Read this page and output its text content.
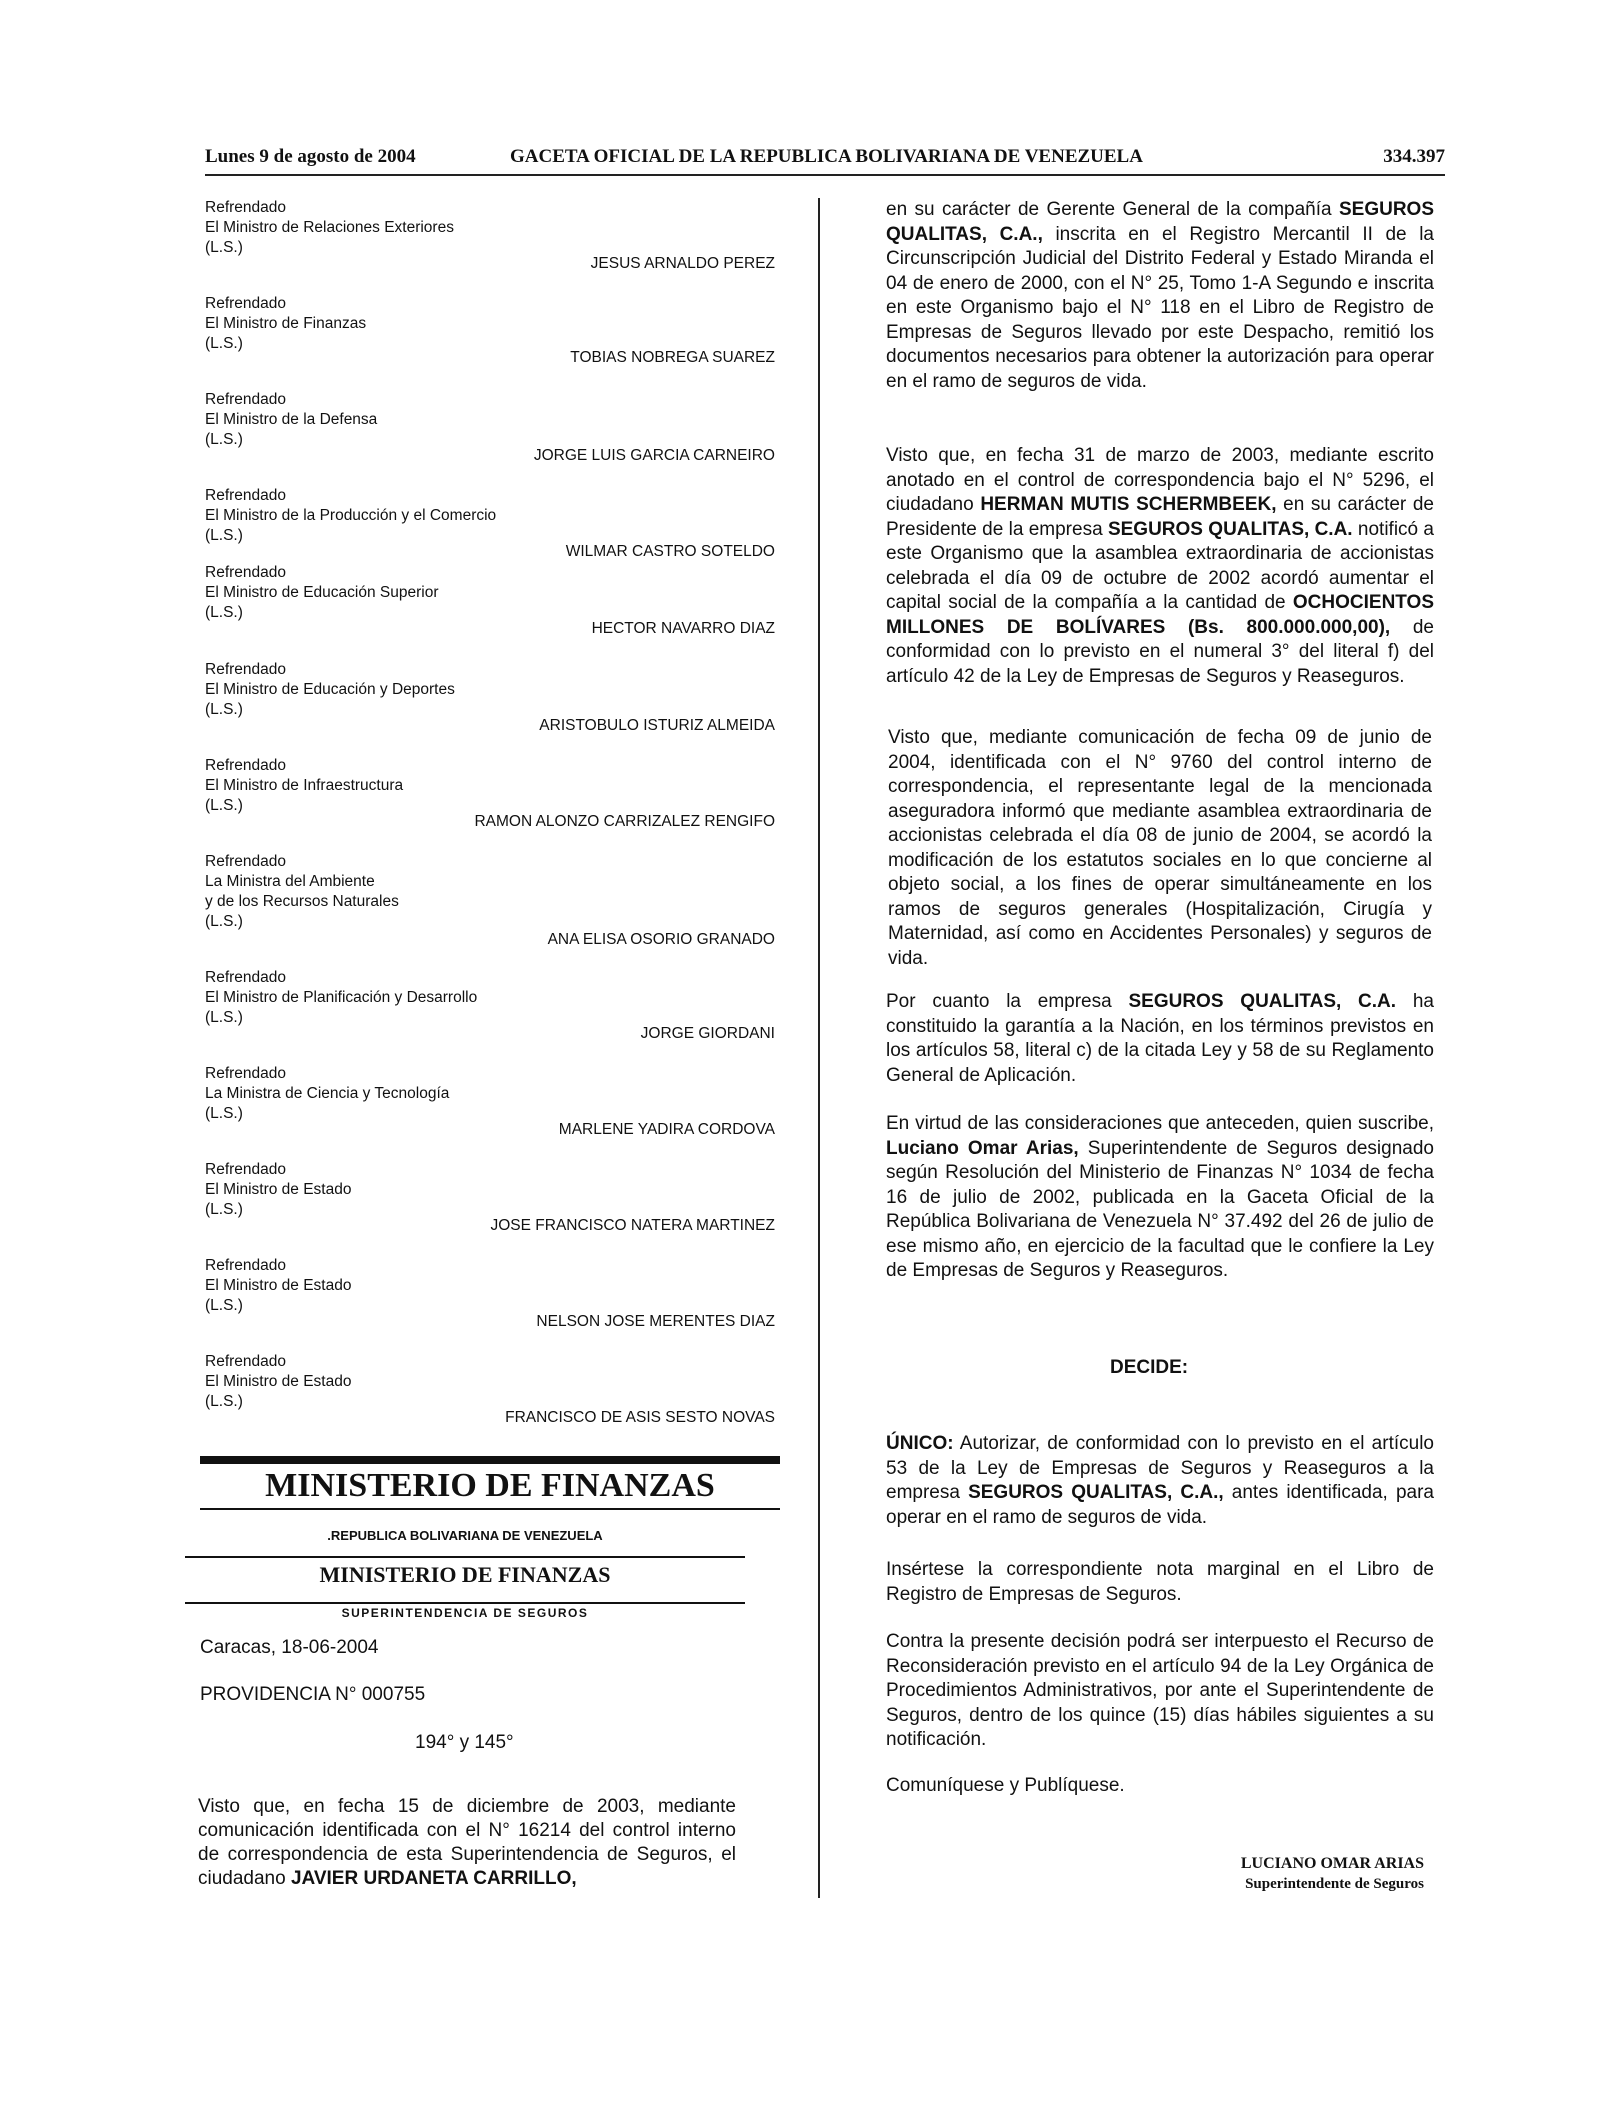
Lunes 9 de agosto de 2004	GACETA OFICIAL DE LA REPUBLICA BOLIVARIANA DE VENEZUELA	334.397
Refrendado
El Ministro de Relaciones Exteriores
(L.S.)
JESUS ARNALDO PEREZ
Refrendado
El Ministro de Finanzas
(L.S.)
TOBIAS NOBREGA SUAREZ
Refrendado
El Ministro de la Defensa
(L.S.)
JORGE LUIS GARCIA CARNEIRO
Refrendado
El Ministro de la Producción y el Comercio
(L.S.)
WILMAR CASTRO SOTELDO
Refrendado
El Ministro de Educación Superior
(L.S.)
HECTOR NAVARRO DIAZ
Refrendado
El Ministro de Educación y Deportes
(L.S.)
ARISTOBULO ISTURIZ ALMEIDA
Refrendado
El Ministro de Infraestructura
(L.S.)
RAMON ALONZO CARRIZALEZ RENGIFO
Refrendado
La Ministra del Ambiente
y de los Recursos Naturales
(L.S.)
ANA ELISA OSORIO GRANADO
Refrendado
El Ministro de Planificación y Desarrollo
(L.S.)
JORGE GIORDANI
Refrendado
La Ministra de Ciencia y Tecnología
(L.S.)
MARLENE YADIRA CORDOVA
Refrendado
El Ministro de Estado
(L.S.)
JOSE FRANCISCO NATERA MARTINEZ
Refrendado
El Ministro de Estado
(L.S.)
NELSON JOSE MERENTES DIAZ
Refrendado
El Ministro de Estado
(L.S.)
FRANCISCO DE ASIS SESTO NOVAS
MINISTERIO DE FINANZAS
.REPUBLICA BOLIVARIANA DE VENEZUELA
MINISTERIO DE FINANZAS
SUPERINTENDENCIA DE SEGUROS
Caracas, 18-06-2004
PROVIDENCIA N° 000755
194° y 145°
Visto que, en fecha 15 de diciembre de 2003, mediante comunicación identificada con el N° 16214 del control interno de correspondencia de esta Superintendencia de Seguros, el ciudadano JAVIER URDANETA CARRILLO,
en su carácter de Gerente General de la compañía SEGUROS QUALITAS, C.A., inscrita en el Registro Mercantil II de la Circunscripción Judicial del Distrito Federal y Estado Miranda el 04 de enero de 2000, con el N° 25, Tomo 1-A Segundo e inscrita en este Organismo bajo el N° 118 en el Libro de Registro de Empresas de Seguros llevado por este Despacho, remitió los documentos necesarios para obtener la autorización para operar en el ramo de seguros de vida.
Visto que, en fecha 31 de marzo de 2003, mediante escrito anotado en el control de correspondencia bajo el N° 5296, el ciudadano HERMAN MUTIS SCHERMBEEK, en su carácter de Presidente de la empresa SEGUROS QUALITAS, C.A. notificó a este Organismo que la asamblea extraordinaria de accionistas celebrada el día 09 de octubre de 2002 acordó aumentar el capital social de la compañía a la cantidad de OCHOCIENTOS MILLONES DE BOLÍVARES (Bs. 800.000.000,00), de conformidad con lo previsto en el numeral 3° del literal f) del artículo 42 de la Ley de Empresas de Seguros y Reaseguros.
Visto que, mediante comunicación de fecha 09 de junio de 2004, identificada con el N° 9760 del control interno de correspondencia, el representante legal de la mencionada aseguradora informó que mediante asamblea extraordinaria de accionistas celebrada el día 08 de junio de 2004, se acordó la modificación de los estatutos sociales en lo que concierne al objeto social, a los fines de operar simultáneamente en los ramos de seguros generales (Hospitalización, Cirugía y Maternidad, así como en Accidentes Personales) y seguros de vida.
Por cuanto la empresa SEGUROS QUALITAS, C.A. ha constituido la garantía a la Nación, en los términos previstos en los artículos 58, literal c) de la citada Ley y 58 de su Reglamento General de Aplicación.
En virtud de las consideraciones que anteceden, quien suscribe, Luciano Omar Arias, Superintendente de Seguros designado según Resolución del Ministerio de Finanzas N° 1034 de fecha 16 de julio de 2002, publicada en la Gaceta Oficial de la República Bolivariana de Venezuela N° 37.492 del 26 de julio de ese mismo año, en ejercicio de la facultad que le confiere la Ley de Empresas de Seguros y Reaseguros.
DECIDE:
ÚNICO: Autorizar, de conformidad con lo previsto en el artículo 53 de la Ley de Empresas de Seguros y Reaseguros a la empresa SEGUROS QUALITAS, C.A., antes identificada, para operar en el ramo de seguros de vida.
Insértese la correspondiente nota marginal en el Libro de Registro de Empresas de Seguros.
Contra la presente decisión podrá ser interpuesto el Recurso de Reconsideración previsto en el artículo 94 de la Ley Orgánica de Procedimientos Administrativos, por ante el Superintendente de Seguros, dentro de los quince (15) días hábiles siguientes a su notificación.
Comuníquese y Publíquese.
LUCIANO OMAR ARIAS
Superintendente de Seguros
